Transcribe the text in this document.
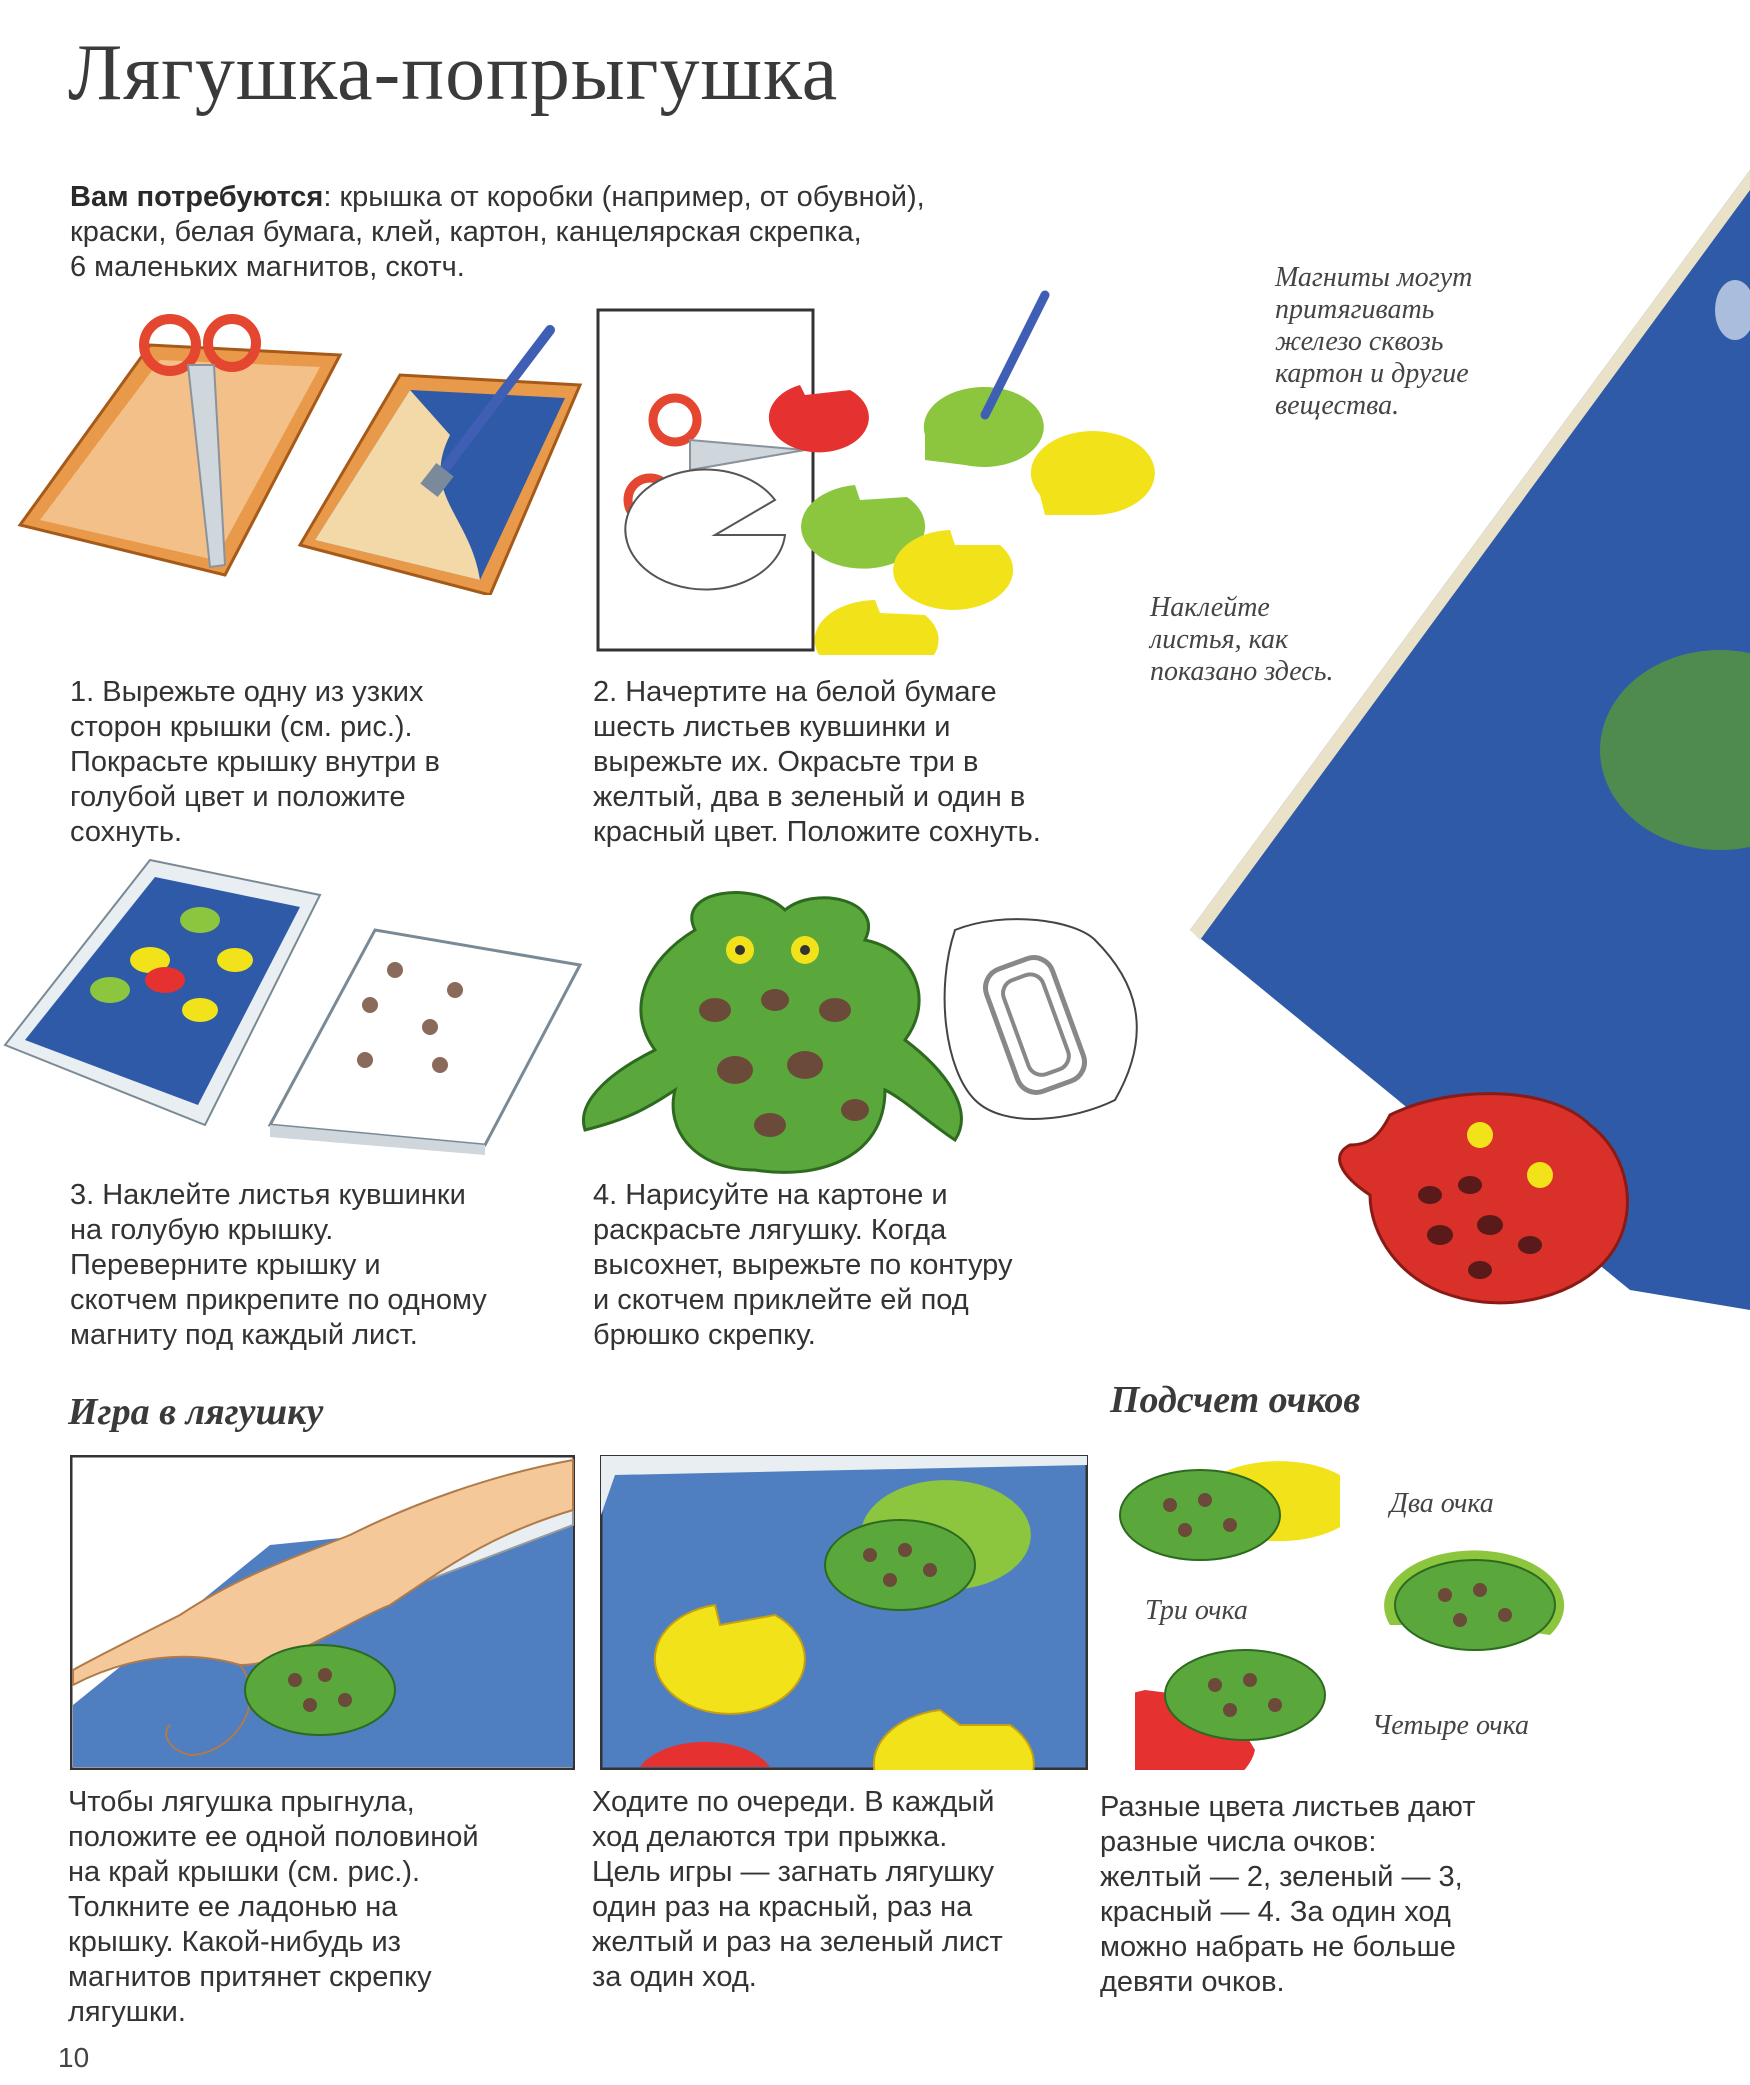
Лягушка-попрыгушка
Вам потребуются: крышка от коробки (например, от обувной),
краски, белая бумага, клей, картон, канцелярская скрепка,
6 маленьких магнитов, скотч.	Магниты могут
притягивать
железо сквозь
картон и другие
вещества.
Наклейте
листья, как
показано здесь.
1. Вырежьте одну из узких
сторон крышки (см. рис.).
Покрасьте крышку внутри в
голубой цвет и положите
сохнуть.
2. Начертите на белой бумаге
шесть листьев кувшинки и
вырежьте их. Окрасьте три в
желтый, два в зеленый и один в
красный цвет. Положите сохнуть.
3. Наклейте листья кувшинки
на голубую крышку.
Переверните крышку и
скотчем прикрепите по одному
магниту под каждый лист.
4. Нарисуйте на картоне и
раскрасьте лягушку. Когда
высохнет, вырежьте по контуру
и скотчем приклейте ей под
брюшко скрепку.
Игра в лягушку	Подсчет очков
Два очка
Три очка
Четыре очка
Чтобы лягушка прыгнула,
положите ее одной половиной
на край крышки (см. рис.).
Толкните ее ладонью на
крышку. Какой-нибудь из
магнитов притянет скрепку
лягушки.
Ходите по очереди. В каждый
ход делаются три прыжка.
Цель игры — загнать лягушку
один раз на красный, раз на
желтый и раз на зеленый лист
за один ход.
Разные цвета листьев дают
разные числа очков:
желтый — 2, зеленый — 3,
красный — 4. За один ход
можно набрать не больше
девяти очков.
10
